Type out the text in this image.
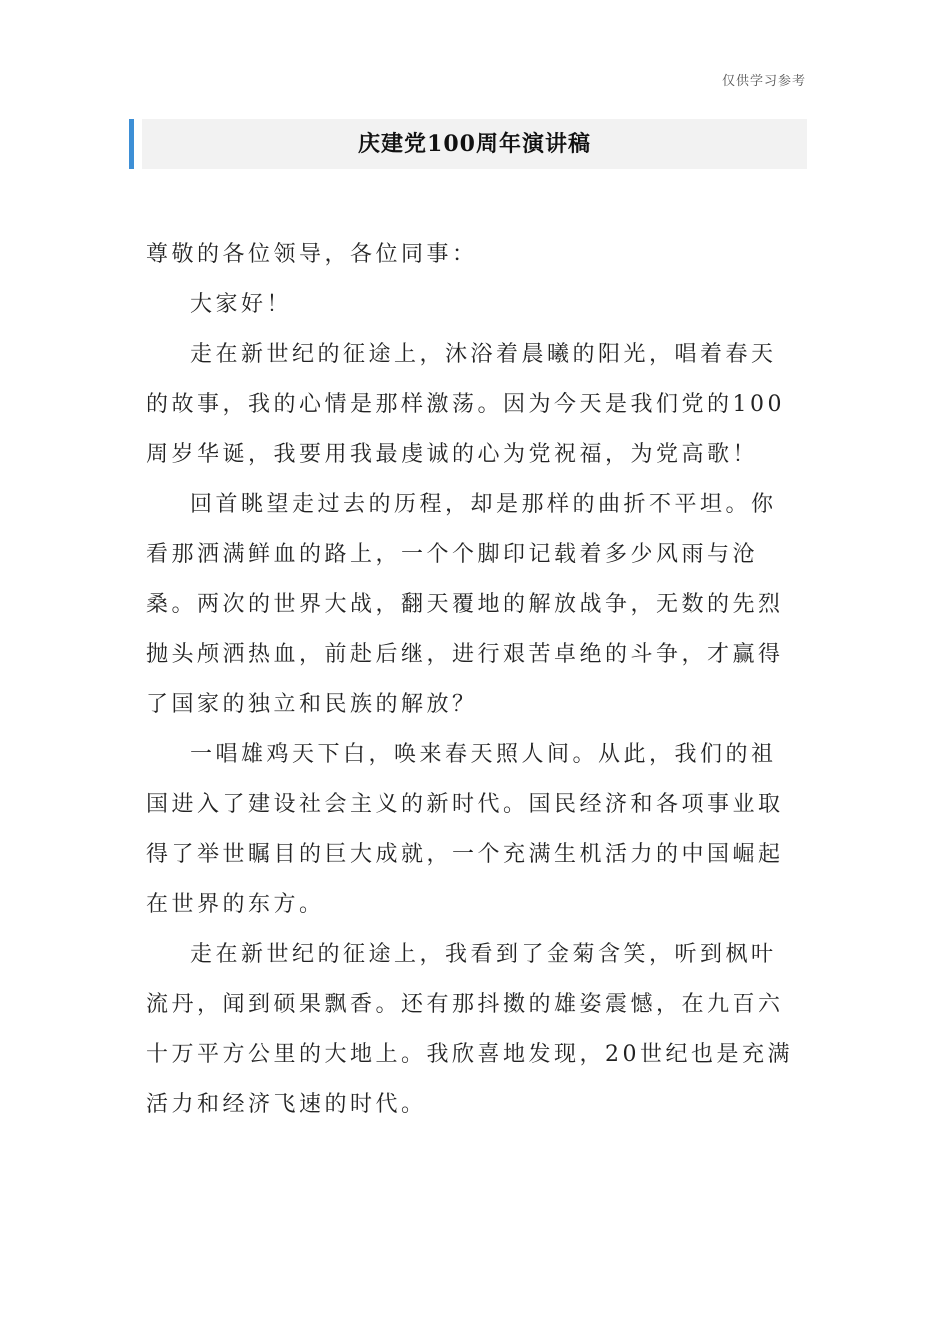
仅供学习参考
庆建党100周年演讲稿

尊敬的各位领导，各位同事：

大家好！

走在新世纪的征途上，沐浴着晨曦的阳光，唱着春天的故事，我的心情是那样激荡。因为今天是我们党的100周岁华诞，我要用我最虔诚的心为党祝福，为党高歌！

回首眺望走过去的历程，却是那样的曲折不平坦。你看那洒满鲜血的路上，一个个脚印记载着多少风雨与沧桑。两次的世界大战，翻天覆地的解放战争，无数的先烈抛头颅洒热血，前赴后继，进行艰苦卓绝的斗争，才赢得了国家的独立和民族的解放？

一唱雄鸡天下白，唤来春天照人间。从此，我们的祖国进入了建设社会主义的新时代。国民经济和各项事业取得了举世瞩目的巨大成就，一个充满生机活力的中国崛起在世界的东方。

走在新世纪的征途上，我看到了金菊含笑，听到枫叶流丹，闻到硕果飘香。还有那抖擞的雄姿震憾，在九百六十万平方公里的大地上。我欣喜地发现，20世纪也是充满活力和经济飞速的时代。
